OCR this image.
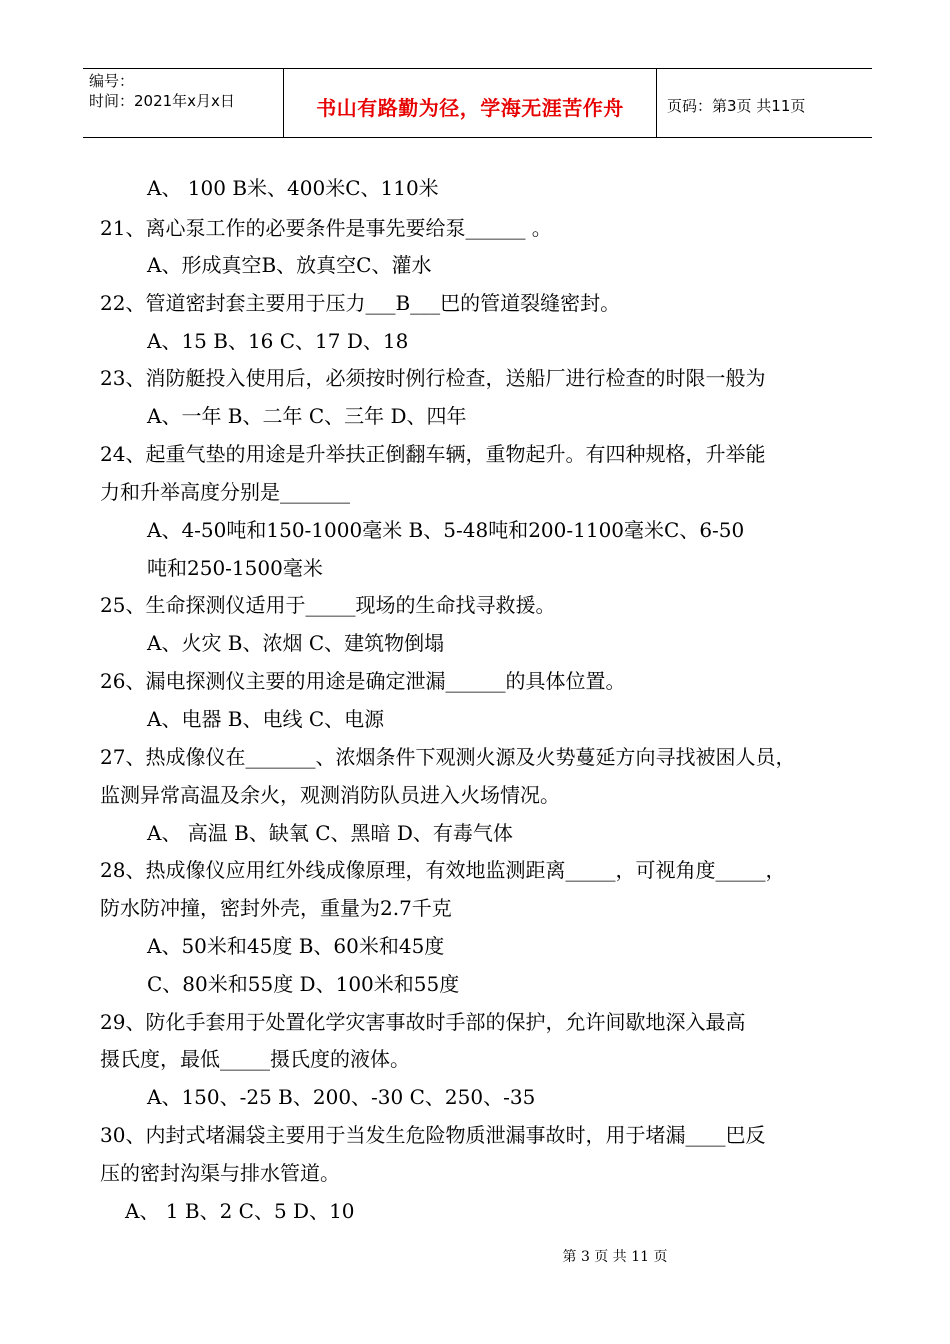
编号：
时间：2021年x月x日	书山有路勤为径，学海无涯苦作舟	页码：第3页 共11页
A、 100 B米、400米C、110米
21、离心泵工作的必要条件是事先要给泵______ 。
A、形成真空B、放真空C、灌水
22、管道密封套主要用于压力___B___巴的管道裂缝密封。
A、15 B、16 C、17 D、18
23、消防艇投入使用后，必须按时例行检查，送船厂进行检查的时限一般为
A、一年 B、二年 C、三年 D、四年
24、起重气垫的用途是升举扶正倒翻车辆，重物起升。有四种规格，升举能
力和升举高度分别是_______
A、4-50吨和150-1000毫米 B、5-48吨和200-1100毫米C、6-50
吨和250-1500毫米
25、生命探测仪适用于_____现场的生命找寻救援。
A、火灾 B、浓烟 C、建筑物倒塌
26、漏电探测仪主要的用途是确定泄漏______的具体位置。
A、电器 B、电线 C、电源
27、热成像仪在_______、浓烟条件下观测火源及火势蔓延方向寻找被困人员，
监测异常高温及余火，观测消防队员进入火场情况。
A、 高温 B、缺氧 C、黑暗 D、有毒气体
28、热成像仪应用红外线成像原理，有效地监测距离_____，可视角度_____，
防水防冲撞，密封外壳，重量为2.7千克
A、50米和45度 B、60米和45度
C、80米和55度 D、100米和55度
29、防化手套用于处置化学灾害事故时手部的保护，允许间歇地深入最高
摄氏度，最低_____摄氏度的液体。
A、150、-25 B、200、-30 C、250、-35
30、内封式堵漏袋主要用于当发生危险物质泄漏事故时，用于堵漏____巴反
压的密封沟渠与排水管道。
A、 1 B、2 C、5 D、10
第 3 页 共 11 页
